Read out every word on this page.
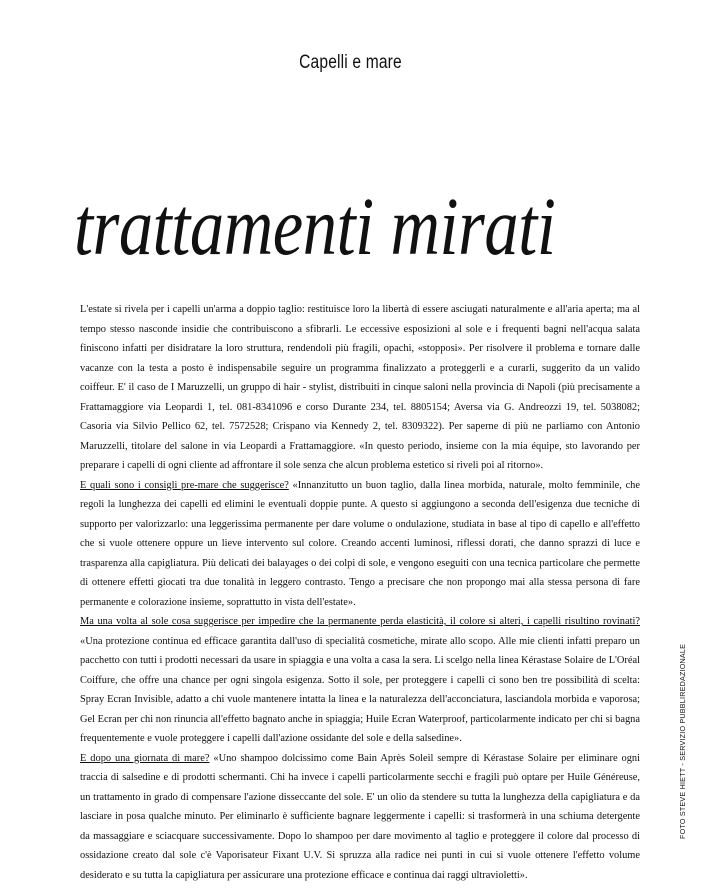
Capelli e mare
trattamenti mirati

L'estate si rivela per i capelli un'arma a doppio taglio: restituisce loro la libertà di essere asciugati naturalmente e all'aria aperta; ma al tempo stesso nasconde insidie che contribuiscono a sfibrarli. Le eccessive esposizioni al sole e i frequenti bagni nell'acqua salata finiscono infatti per disidratare la loro struttura, rendendoli più fragili, opachi, «stopposi». Per risolvere il problema e tornare dalle vacanze con la testa a posto è indispensabile seguire un programma finalizzato a proteggerli e a curarli, suggerito da un valido coiffeur. E' il caso de I Maruzzelli, un gruppo di hair - stylist, distribuiti in cinque saloni nella provincia di Napoli (più precisamente a Frattamaggiore via Leopardi 1, tel. 081-8341096 e corso Durante 234, tel. 8805154; Aversa via G. Andreozzi 19, tel. 5038082; Casoria via Silvio Pellico 62, tel. 7572528; Crispano via Kennedy 2, tel. 8309322). Per saperne di più ne parliamo con Antonio Maruzzelli, titolare del salone in via Leopardi a Frattamaggiore. «In questo periodo, insieme con la mia équipe, sto lavorando per preparare i capelli di ogni cliente ad affrontare il sole senza che alcun problema estetico si riveli poi al ritorno».

E quali sono i consigli pre-mare che suggerisce? «Innanzitutto un buon taglio, dalla linea morbida, naturale, molto femminile, che regoli la lunghezza dei capelli ed elimini le eventuali doppie punte. A questo si aggiungono a seconda dell'esigenza due tecniche di supporto per valorizzarlo: una leggerissima permanente per dare volume o ondulazione, studiata in base al tipo di capello e all'effetto che si vuole ottenere oppure un lieve intervento sul colore. Creando accenti luminosi, riflessi dorati, che danno sprazzi di luce e trasparenza alla capigliatura. Più delicati dei balayages o dei colpi di sole, e vengono eseguiti con una tecnica particolare che permette di ottenere effetti giocati tra due tonalità in leggero contrasto. Tengo a precisare che non propongo mai alla stessa persona di fare permanente e colorazione insieme, soprattutto in vista dell'estate».

Ma una volta al sole cosa suggerisce per impedire che la permanente perda elasticità, il colore si alteri, i capelli risultino rovinati? «Una protezione continua ed efficace garantita dall'uso di specialità cosmetiche, mirate allo scopo. Alle mie clienti infatti preparo un pacchetto con tutti i prodotti necessari da usare in spiaggia e una volta a casa la sera. Li scelgo nella linea Kérastase Solaire de L'Oréal Coiffure, che offre una chance per ogni singola esigenza. Sotto il sole, per proteggere i capelli ci sono ben tre possibilità di scelta: Spray Ecran Invisible, adatto a chi vuole mantenere intatta la linea e la naturalezza dell'acconciatura, lasciandola morbida e vaporosa; Gel Ecran per chi non rinuncia all'effetto bagnato anche in spiaggia; Huile Ecran Waterproof, particolarmente indicato per chi si bagna frequentemente e vuole proteggere i capelli dall'azione ossidante del sole e della salsedine».

E dopo una giornata di mare? «Uno shampoo dolcissimo come Bain Après Soleil sempre di Kérastase Solaire per eliminare ogni traccia di salsedine e di prodotti schermanti. Chi ha invece i capelli particolarmente secchi e fragili può optare per Huile Généreuse, un trattamento in grado di compensare l'azione disseccante del sole. E' un olio da stendere su tutta la lunghezza della capigliatura e da lasciare in posa qualche minuto. Per eliminarlo è sufficiente bagnare leggermente i capelli: si trasformerà in una schiuma detergente da massaggiare e sciacquare successivamente. Dopo lo shampoo per dare movimento al taglio e proteggere il colore dal processo di ossidazione creato dal sole c'è Vaporisateur Fixant U.V. Si spruzza alla radice nei punti in cui si vuole ottenere l'effetto volume desiderato e su tutta la capigliatura per assicurare una protezione efficace e continua dai raggi ultravioletti».

FOTO STEVE HIETT - SERVIZIO PUBBLIREDAZIONALE
